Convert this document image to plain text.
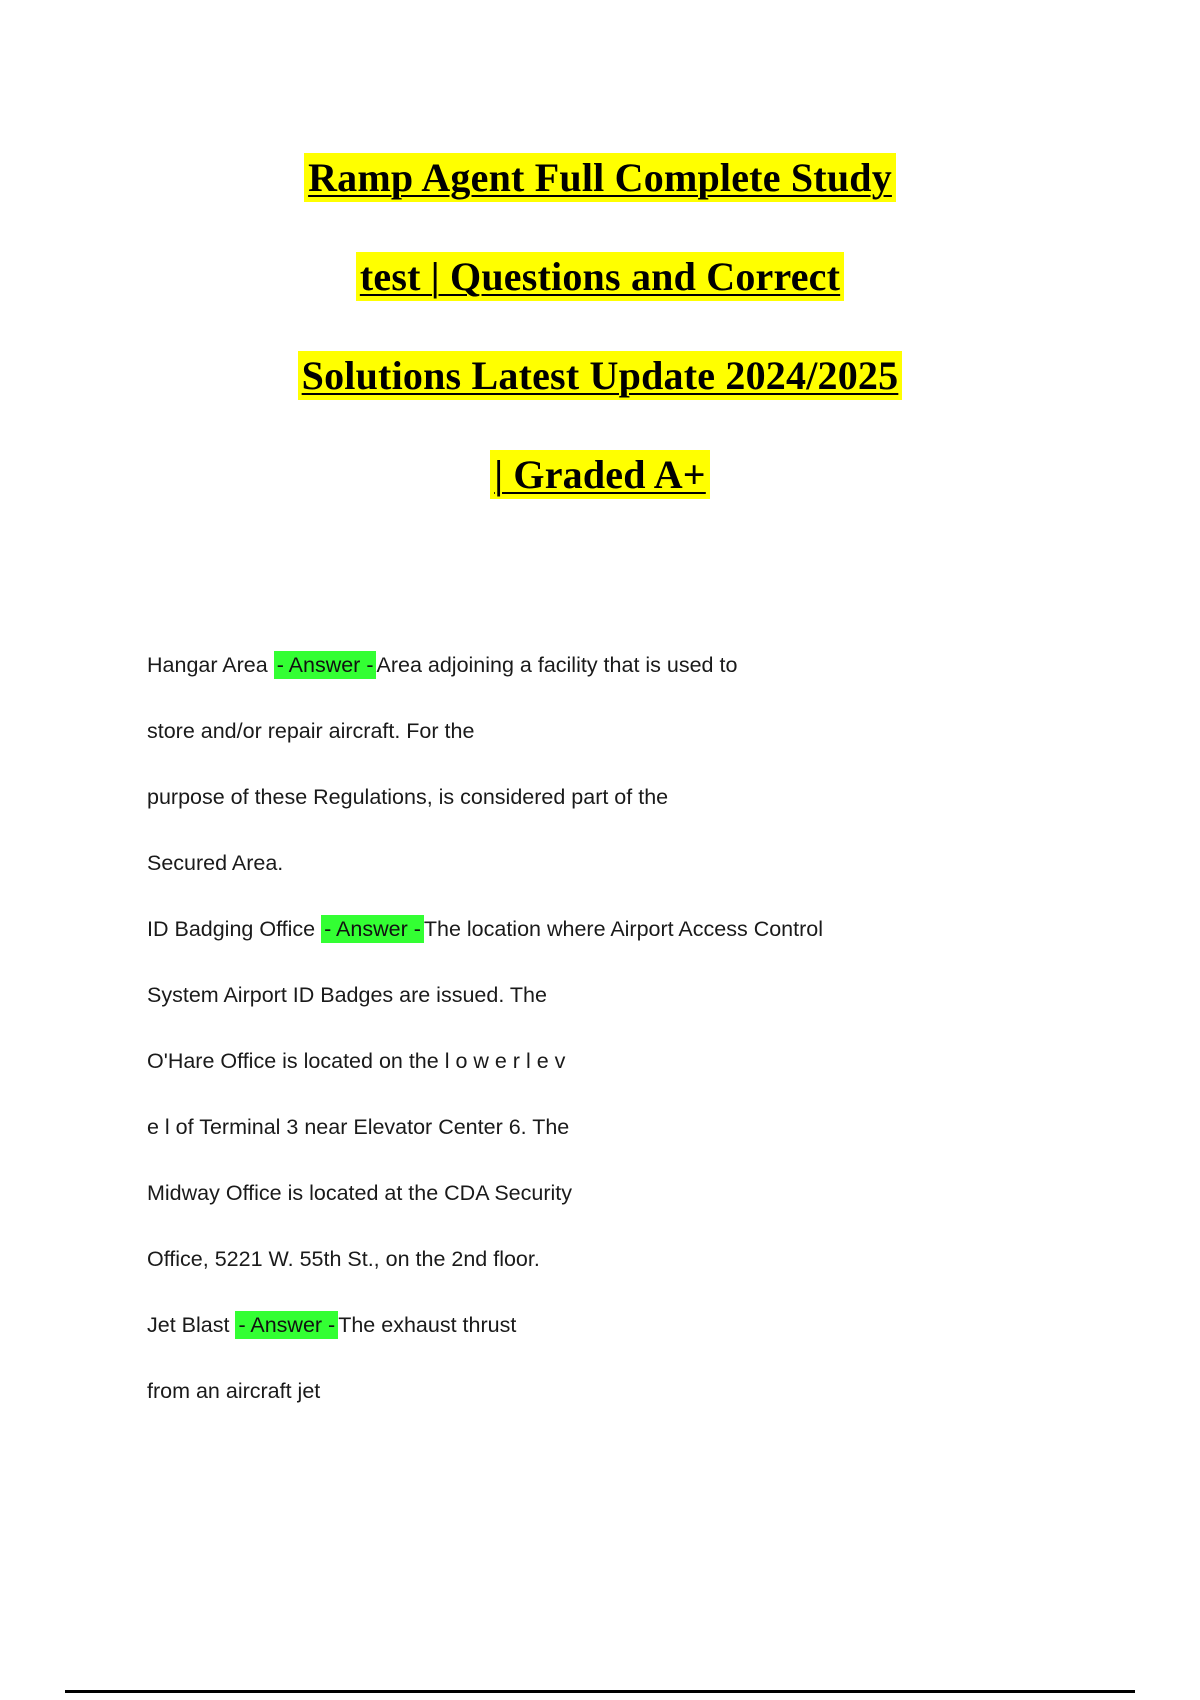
Ramp Agent Full Complete Study
test | Questions and Correct
Solutions Latest Update 2024/2025
| Graded A+
Hangar Area - Answer - Area adjoining a facility that is used to
store and/or repair aircraft. For the
purpose of these Regulations, is considered part of the
Secured Area.
ID Badging Office - Answer - The location where Airport Access Control
System Airport ID Badges are issued. The
O'Hare Office is located on the l o w e r l e v
e l of Terminal 3 near Elevator Center 6. The
Midway Office is located at the CDA Security
Office, 5221 W. 55th St., on the 2nd floor.
Jet Blast - Answer - The exhaust thrust
from an aircraft jet
